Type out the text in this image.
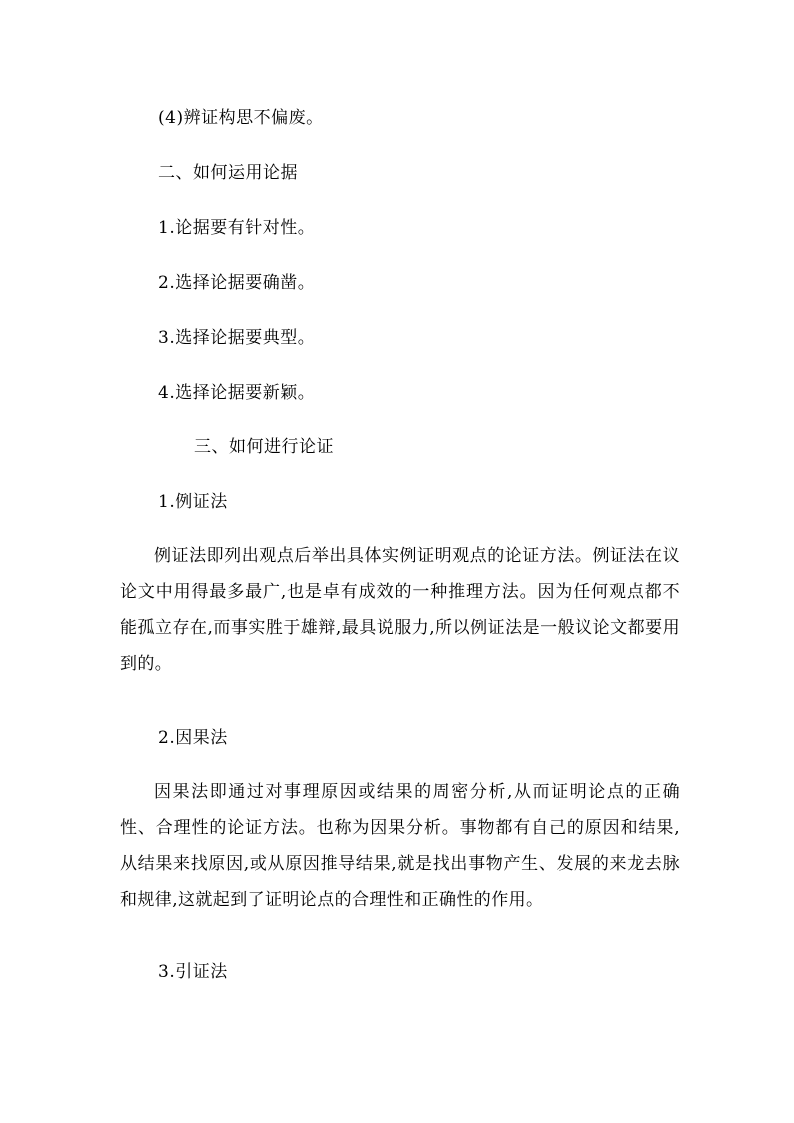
(4)辨证构思不偏废。
二、如何运用论据
1.论据要有针对性。
2.选择论据要确凿。
3.选择论据要典型。
4.选择论据要新颖。
三、如何进行论证
1.例证法
例证法即列出观点后举出具体实例证明观点的论证方法。例证法在议论文中用得最多最广,也是卓有成效的一种推理方法。因为任何观点都不能孤立存在,而事实胜于雄辩,最具说服力,所以例证法是一般议论文都要用到的。
2.因果法
因果法即通过对事理原因或结果的周密分析,从而证明论点的正确性、合理性的论证方法。也称为因果分析。事物都有自己的原因和结果,从结果来找原因,或从原因推导结果,就是找出事物产生、发展的来龙去脉和规律,这就起到了证明论点的合理性和正确性的作用。
3.引证法
